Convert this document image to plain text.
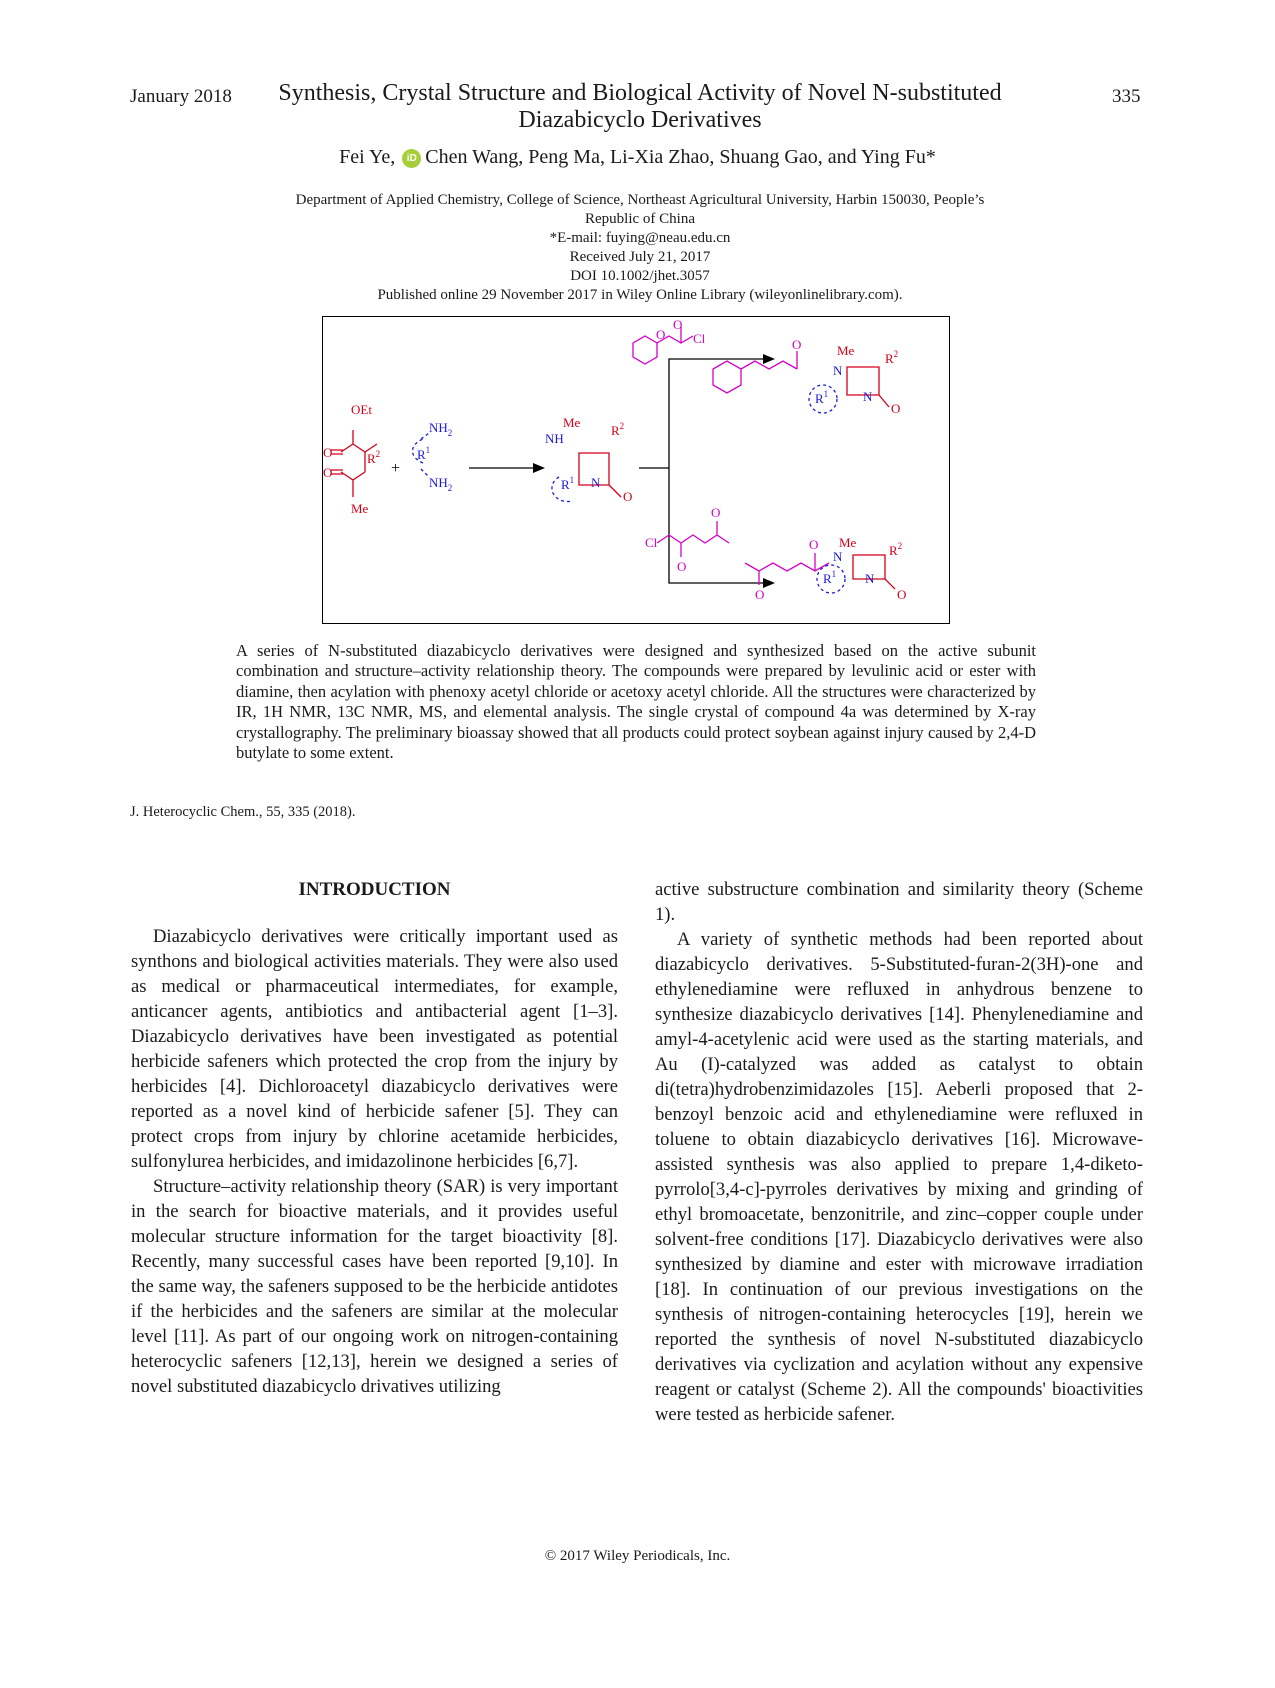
January 2018	Synthesis, Crystal Structure and Biological Activity of Novel N-substituted Diazabicyclo Derivatives
335
Fei Ye, iD Chen Wang, Peng Ma, Li-Xia Zhao, Shuang Gao, and Ying Fu*
Department of Applied Chemistry, College of Science, Northeast Agricultural University, Harbin 150030, People’s
Republic of China
*E-mail: fuying@neau.edu.cn
Received July 21, 2017
DOI 10.1002/jhet.3057
Published online 29 November 2017 in Wiley Online Library (wileyonlinelibrary.com).
OEt
O
O
$R^2$
Me
+
$R^1$
$NH_2$
$NH_2$
Me
$R^2$
NH
$R^1$ N
O
O
O Cl	O	Me
$R^2$
N
$R^1$	N
O
Cl
O
O
O
O Me
$R^2$
N
$R^1$ N
O
A series of N-substituted diazabicyclo derivatives were designed and synthesized based on the active subunit combination and structure–activity relationship theory. The compounds were prepared by levulinic acid or ester with diamine, then acylation with phenoxy acetyl chloride or acetoxy acetyl chloride. All the structures were characterized by IR, 1H NMR, 13C NMR, MS, and elemental analysis. The single crystal of compound 4a was determined by X-ray crystallography. The preliminary bioassay showed that all products could protect soybean against injury caused by 2,4-D butylate to some extent.
J. Heterocyclic Chem., 55, 335 (2018).

INTRODUCTION

Diazabicyclo derivatives were critically important used as synthons and biological activities materials. They were also used as medical or pharmaceutical intermediates, for example, anticancer agents, antibiotics and antibacterial agent [1–3]. Diazabicyclo derivatives have been investigated as potential herbicide safeners which protected the crop from the injury by herbicides [4]. Dichloroacetyl diazabicyclo derivatives were reported as a novel kind of herbicide safener [5]. They can protect crops from injury by chlorine acetamide herbicides, sulfonylurea herbicides, and imidazolinone herbicides [6,7].

Structure–activity relationship theory (SAR) is very important in the search for bioactive materials, and it provides useful molecular structure information for the target bioactivity [8]. Recently, many successful cases have been reported [9,10]. In the same way, the safeners supposed to be the herbicide antidotes if the herbicides and the safeners are similar at the molecular level [11]. As part of our ongoing work on nitrogen-containing heterocyclic safeners [12,13], herein we designed a series of novel substituted diazabicyclo drivatives utilizing

active substructure combination and similarity theory (Scheme 1).

A variety of synthetic methods had been reported about diazabicyclo derivatives. 5-Substituted-furan-2(3H)-one and ethylenediamine were refluxed in anhydrous benzene to synthesize diazabicyclo derivatives [14]. Phenylenediamine and amyl-4-acetylenic acid were used as the starting materials, and Au (I)-catalyzed was added as catalyst to obtain di(tetra)hydrobenzimidazoles [15]. Aeberli proposed that 2-benzoyl benzoic acid and ethylenediamine were refluxed in toluene to obtain diazabicyclo derivatives [16]. Microwave-assisted synthesis was also applied to prepare 1,4-diketo-pyrrolo[3,4-c]-pyrroles derivatives by mixing and grinding of ethyl bromoacetate, benzonitrile, and zinc–copper couple under solvent-free conditions [17]. Diazabicyclo derivatives were also synthesized by diamine and ester with microwave irradiation [18]. In continuation of our previous investigations on the synthesis of nitrogen-containing heterocycles [19], herein we reported the synthesis of novel N-substituted diazabicyclo derivatives via cyclization and acylation without any expensive reagent or catalyst (Scheme 2). All the compounds' bioactivities were tested as herbicide safener.

© 2017 Wiley Periodicals, Inc.
